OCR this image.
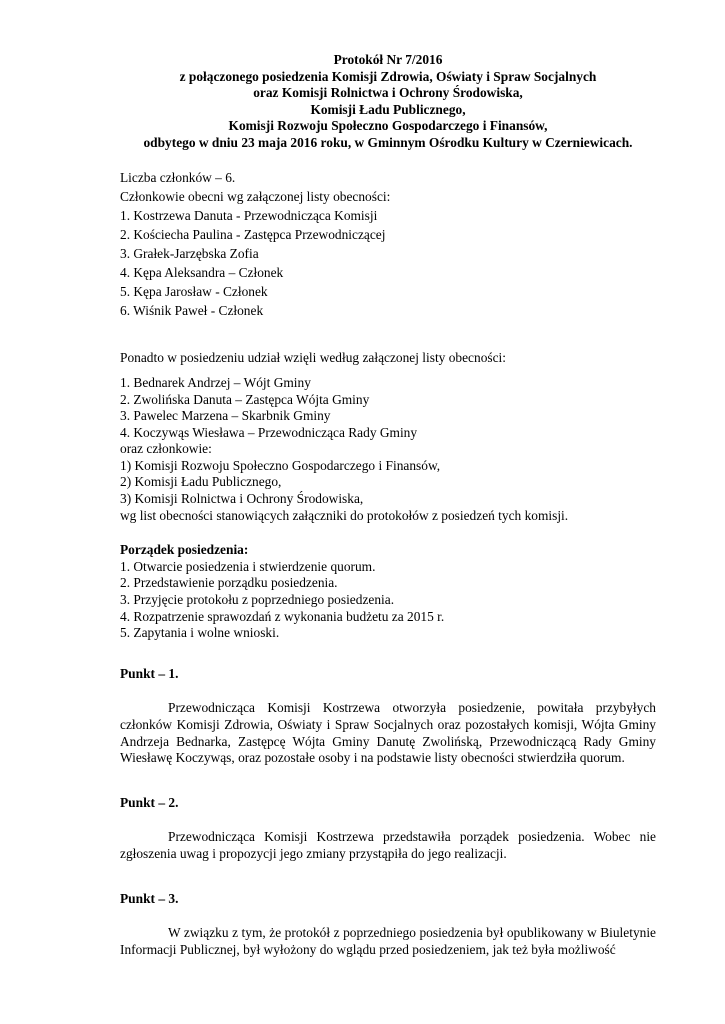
Protokół Nr 7/2016
z połączonego posiedzenia Komisji Zdrowia, Oświaty i Spraw Socjalnych
oraz Komisji Rolnictwa i Ochrony Środowiska,
Komisji Ładu Publicznego,
Komisji Rozwoju Społeczno Gospodarczego i Finansów,
odbytego w dniu 23 maja 2016 roku, w Gminnym Ośrodku Kultury w Czerniewicach.
Liczba członków – 6.
Członkowie obecni wg załączonej listy obecności:
1. Kostrzewa Danuta - Przewodnicząca Komisji
2. Kościecha Paulina - Zastępca Przewodniczącej
3. Grałek-Jarzębska Zofia
4. Kępa Aleksandra – Członek
5. Kępa Jarosław - Członek
6. Wiśnik Paweł - Członek
Ponadto w posiedzeniu udział wzięli według załączonej listy obecności:
1. Bednarek Andrzej – Wójt Gminy
2. Zwolińska Danuta – Zastępca Wójta Gminy
3. Pawelec Marzena – Skarbnik Gminy
4. Koczywąs Wiesława – Przewodnicząca Rady Gminy
oraz członkowie:
1) Komisji Rozwoju Społeczno Gospodarczego i Finansów,
2) Komisji Ładu Publicznego,
3) Komisji Rolnictwa i Ochrony Środowiska,
wg list obecności stanowiących załączniki do protokołów z posiedzeń tych komisji.
Porządek posiedzenia:
1. Otwarcie posiedzenia i stwierdzenie quorum.
2. Przedstawienie porządku posiedzenia.
3. Przyjęcie protokołu z poprzedniego posiedzenia.
4. Rozpatrzenie sprawozdań z wykonania budżetu za 2015 r.
5. Zapytania i wolne wnioski.
Punkt – 1.
Przewodnicząca Komisji Kostrzewa otworzyła posiedzenie, powitała przybyłych członków Komisji Zdrowia, Oświaty i Spraw Socjalnych oraz pozostałych komisji, Wójta Gminy Andrzeja Bednarka, Zastępcę Wójta Gminy Danutę Zwolińską, Przewodniczącą Rady Gminy Wiesławę Koczywąs, oraz pozostałe osoby i na podstawie listy obecności stwierdziła quorum.
Punkt – 2.
Przewodnicząca Komisji Kostrzewa przedstawiła porządek posiedzenia. Wobec nie zgłoszenia uwag i propozycji jego zmiany przystąpiła do jego realizacji.
Punkt – 3.
W związku z tym, że protokół z poprzedniego posiedzenia był opublikowany w Biuletynie Informacji Publicznej, był wyłożony do wglądu przed posiedzeniem, jak też była możliwość
